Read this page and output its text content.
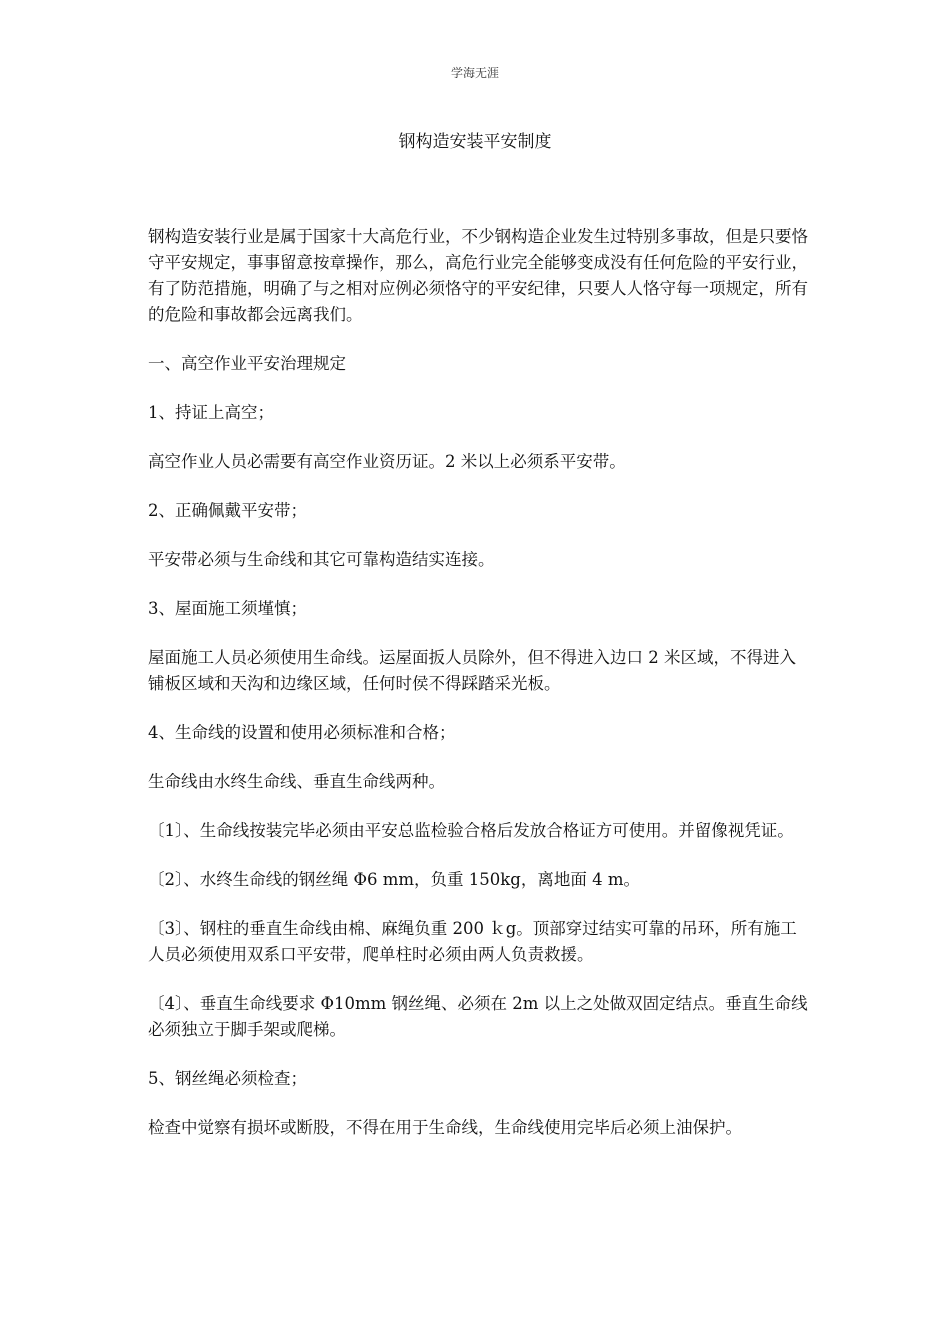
学海无涯
钢构造安装平安制度

钢构造安装行业是属于国家十大高危行业，不少钢构造企业发生过特别多事故，但是只要恪守平安规定，事事留意按章操作，那么，高危行业完全能够变成没有任何危险的平安行业，有了防范措施，明确了与之相对应例必须恪守的平安纪律，只要人人恪守每一项规定，所有的危险和事故都会远离我们。

一、高空作业平安治理规定

1、持证上高空；

高空作业人员必需要有高空作业资历证。2 米以上必须系平安带。

2、正确佩戴平安带；

平安带必须与生命线和其它可靠构造结实连接。

3、屋面施工须墐慎；

屋面施工人员必须使用生命线。运屋面扳人员除外，但不得进入边口 2 米区域，不得进入铺板区域和天沟和边缘区域，任何时侯不得踩踏采光板。

4、生命线的设置和使用必须标准和合格；

生命线由水终生命线、垂直生命线两种。

〔1〕、生命线按装完毕必须由平安总监检验合格后发放合格证方可使用。并留像视凭证。

〔2〕、水终生命线的钢丝绳 Φ6 mm，负重 150kg，离地面 4 m。

〔3〕、钢柱的垂直生命线由棉、麻绳负重 200 ｋg。顶部穿过结实可靠的吊环，所有施工人员必须使用双系口平安带，爬单柱时必须由两人负责救援。

〔4〕、垂直生命线要求 Φ10mm 钢丝绳、必须在 2m 以上之处做双固定结点。垂直生命线必须独立于脚手架或爬梯。

5、钢丝绳必须检查；

检查中觉察有损坏或断股，不得在用于生命线，生命线使用完毕后必须上油保护。
